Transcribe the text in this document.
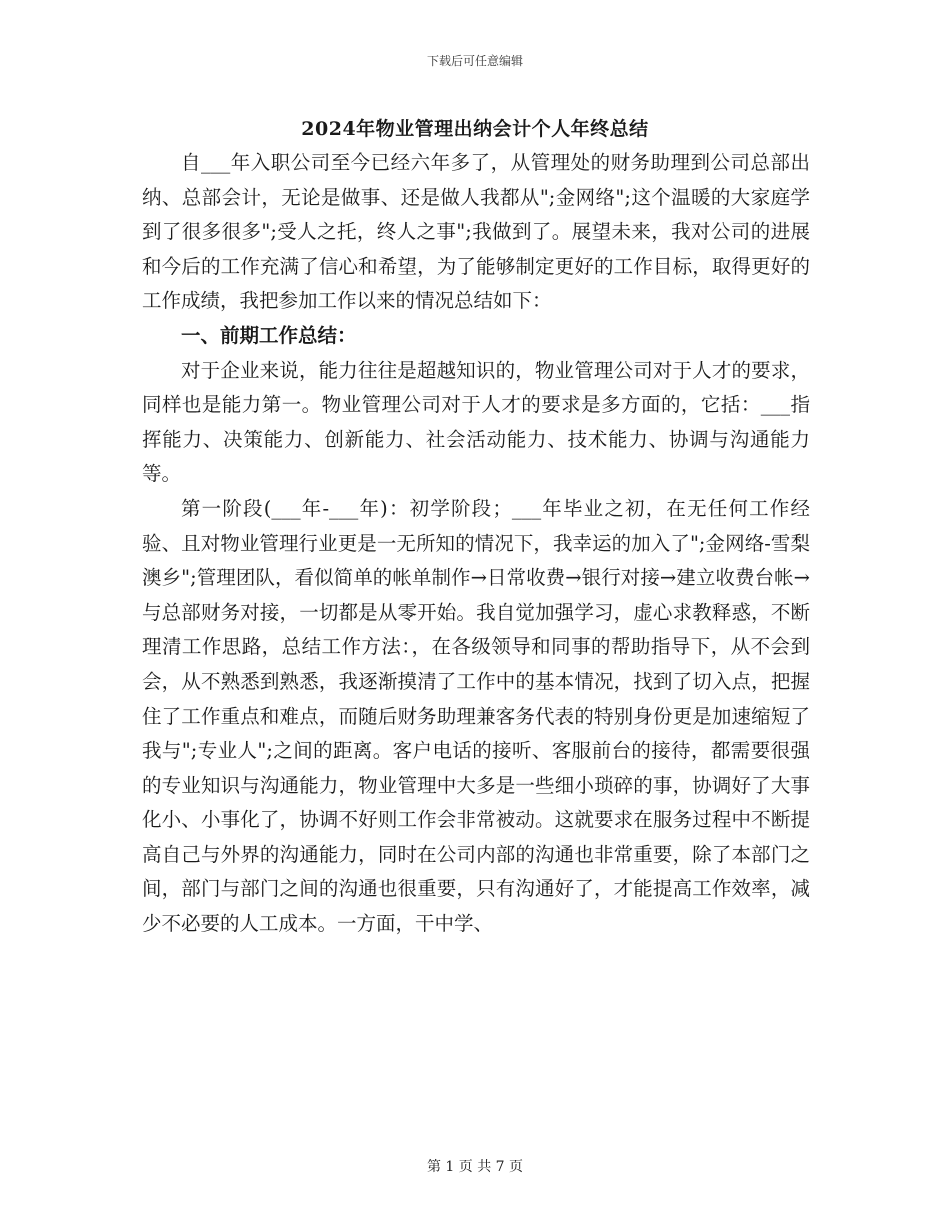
下载后可任意编辑
2024年物业管理出纳会计个人年终总结

自___年入职公司至今已经六年多了，从管理处的财务助理到公司总部出纳、总部会计，无论是做事、还是做人我都从";金网络";这个温暖的大家庭学到了很多很多";受人之托，终人之事";我做到了。展望未来，我对公司的进展和今后的工作充满了信心和希望，为了能够制定更好的工作目标，取得更好的工作成绩，我把参加工作以来的情况总结如下：

一、前期工作总结：

对于企业来说，能力往往是超越知识的，物业管理公司对于人才的要求，同样也是能力第一。物业管理公司对于人才的要求是多方面的，它括：___指挥能力、决策能力、创新能力、社会活动能力、技术能力、协调与沟通能力等。

第一阶段(___年-___年)：初学阶段；___年毕业之初，在无任何工作经验、且对物业管理行业更是一无所知的情况下，我幸运的加入了";金网络-雪梨澳乡";管理团队，看似简单的帐单制作→日常收费→银行对接→建立收费台帐→与总部财务对接，一切都是从零开始。我自觉加强学习，虚心求教释惑，不断理清工作思路，总结工作方法：，在各级领导和同事的帮助指导下，从不会到会，从不熟悉到熟悉，我逐渐摸清了工作中的基本情况，找到了切入点，把握住了工作重点和难点，而随后财务助理兼客务代表的特别身份更是加速缩短了我与";专业人";之间的距离。客户电话的接听、客服前台的接待，都需要很强的专业知识与沟通能力，物业管理中大多是一些细小琐碎的事，协调好了大事化小、小事化了，协调不好则工作会非常被动。这就要求在服务过程中不断提高自己与外界的沟通能力，同时在公司内部的沟通也非常重要，除了本部门之间，部门与部门之间的沟通也很重要，只有沟通好了，才能提高工作效率，减少不必要的人工成本。一方面，干中学、

第 1 页 共 7 页
